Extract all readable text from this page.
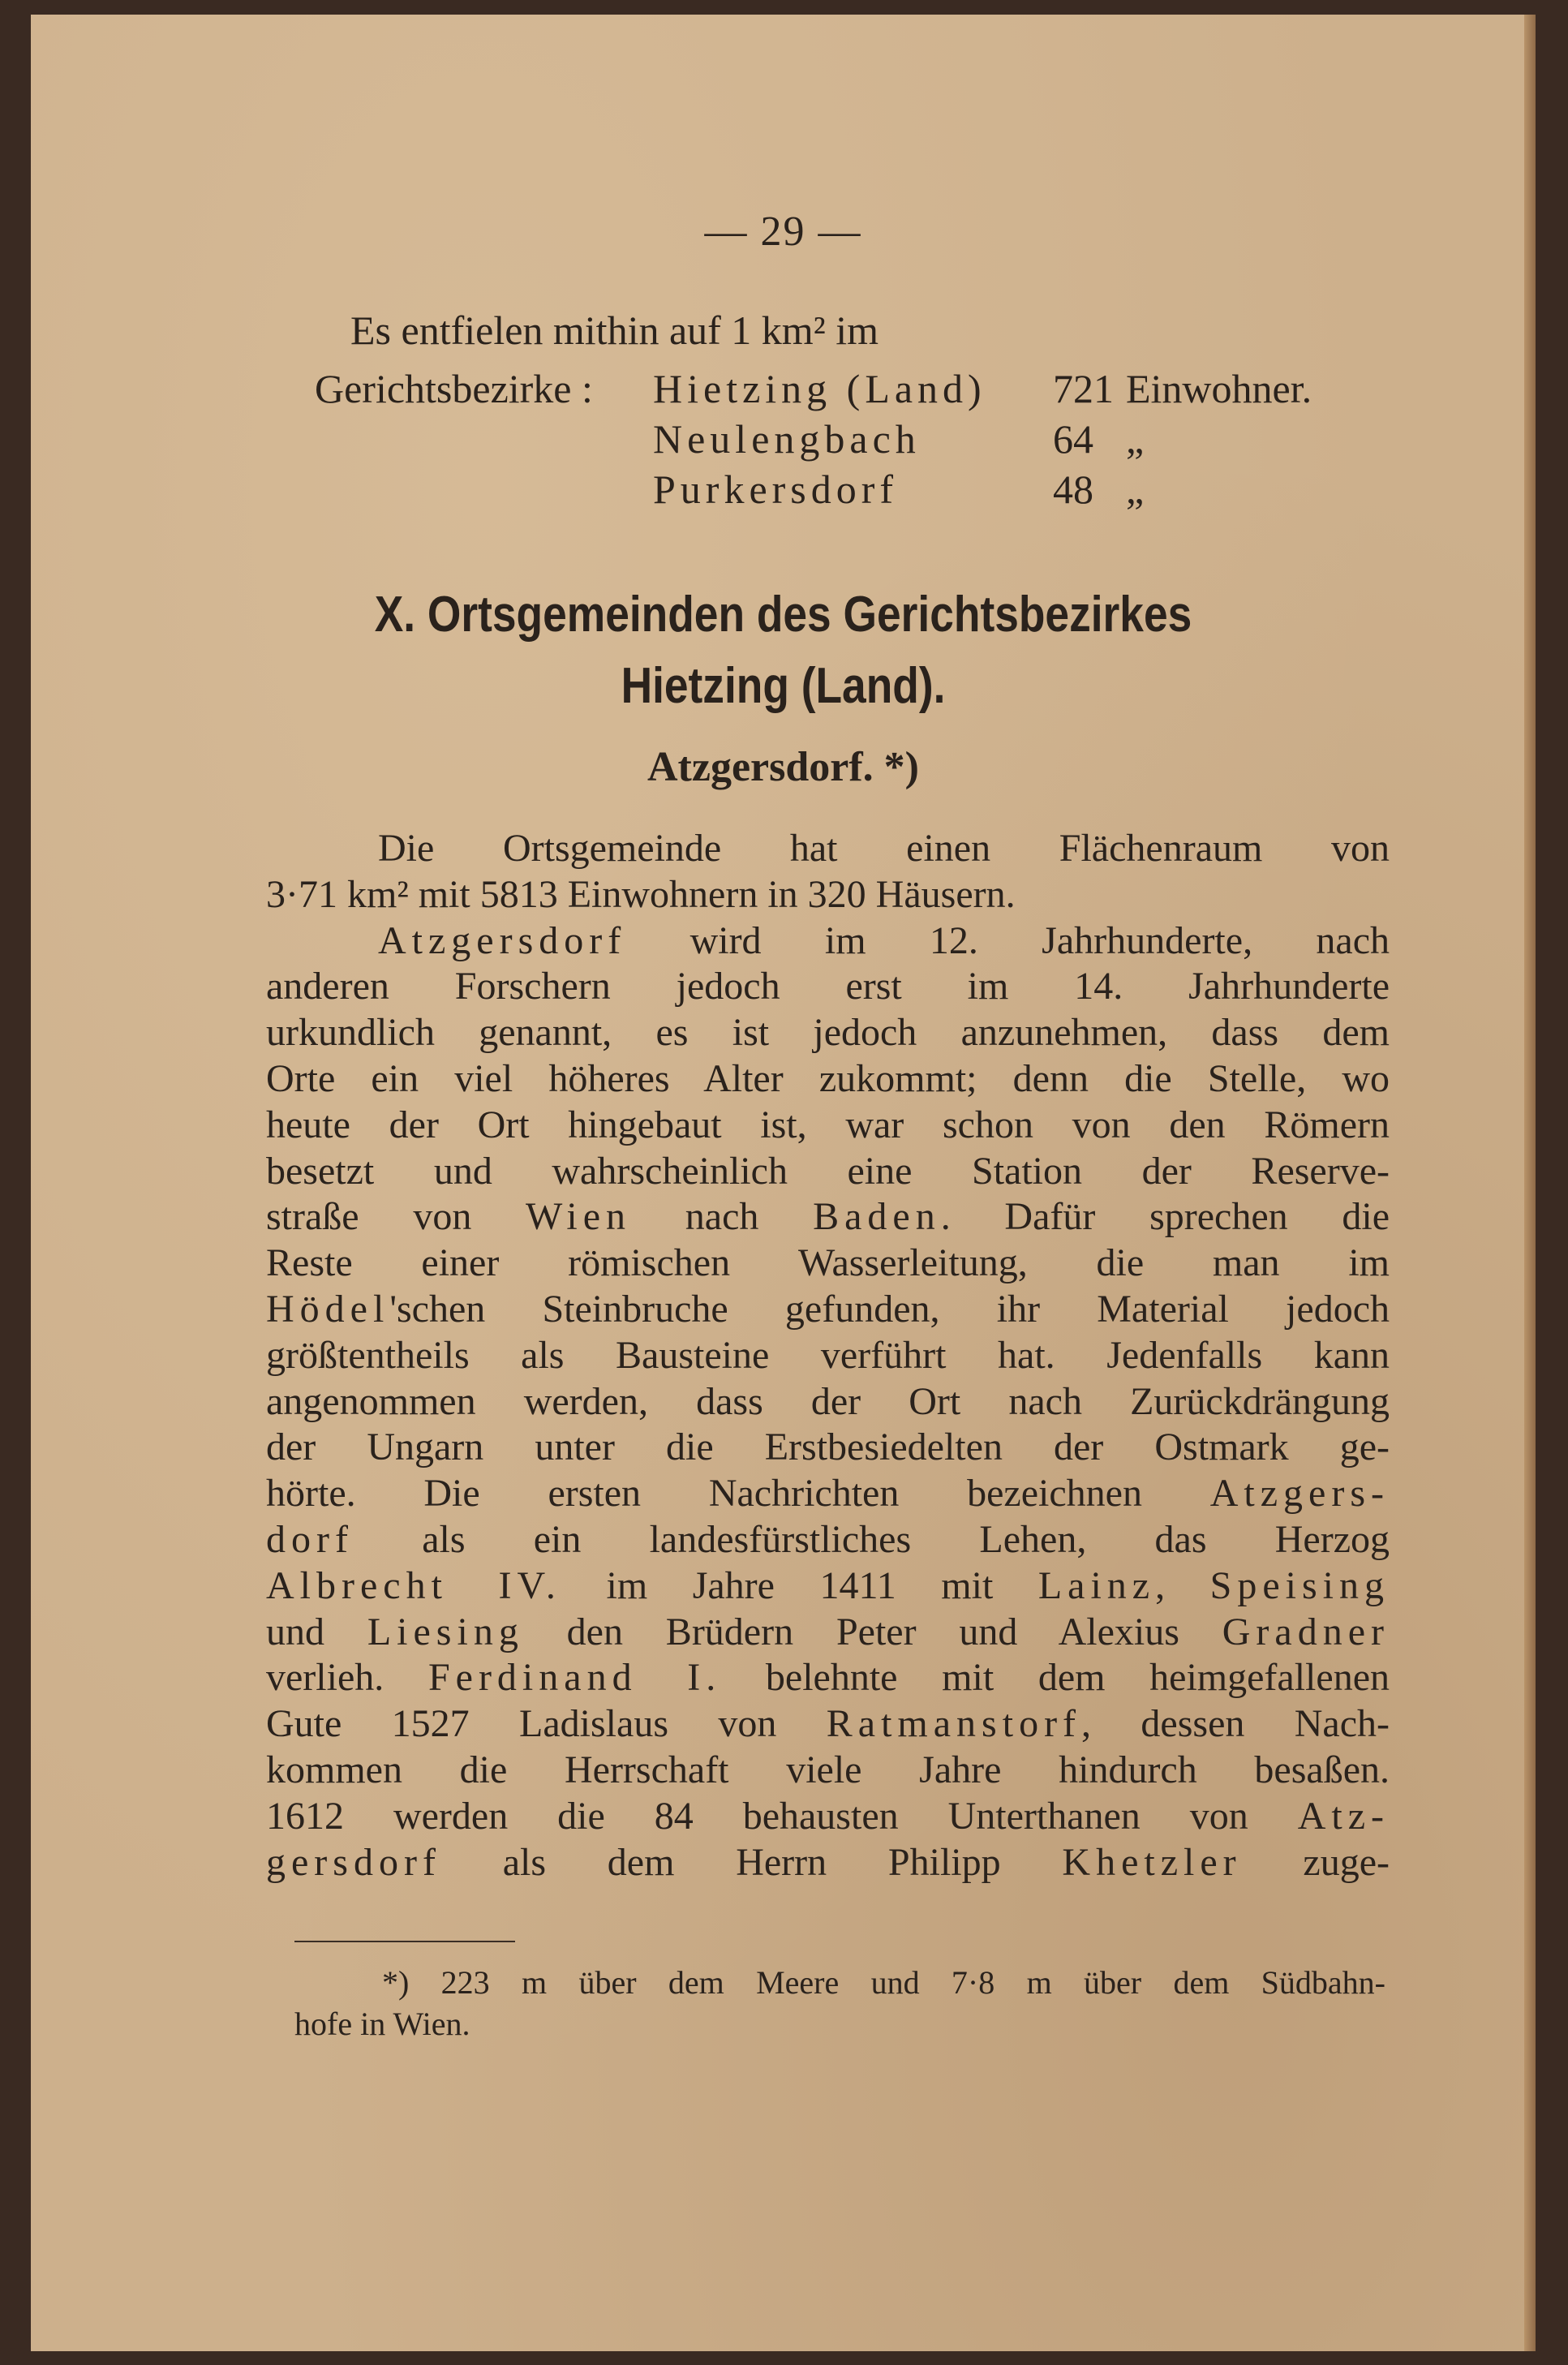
— 29 —
Es entfielen mithin auf 1 km² im
Gerichtsbezirke : Hietzing (Land) 721 Einwohner.
Neulengbach	64 „
Purkersdorf	48 „
X. Ortsgemeinden des Gerichtsbezirkes
Hietzing (Land).
Atzgersdorf. *)
Die Ortsgemeinde hat einen Flächenraum von
3·71 km² mit 5813 Einwohnern in 320 Häusern.
Atzgersdorf wird im 12. Jahrhunderte, nach
anderen Forschern jedoch erst im 14. Jahrhunderte
urkundlich genannt, es ist jedoch anzunehmen, dass dem
Orte ein viel höheres Alter zukommt; denn die Stelle, wo
heute der Ort hingebaut ist, war schon von den Römern
besetzt und wahrscheinlich eine Station der Reserve-
straße von Wien nach Baden. Dafür sprechen die
Reste einer römischen Wasserleitung, die man im
Hödel'schen Steinbruche gefunden, ihr Material jedoch
größtentheils als Bausteine verführt hat. Jedenfalls kann
angenommen werden, dass der Ort nach Zurückdrängung
der Ungarn unter die Erstbesiedelten der Ostmark ge-
hörte. Die ersten Nachrichten bezeichnen Atzgers-
dorf als ein landesfürstliches Lehen, das Herzog
Albrecht IV. im Jahre 1411 mit Lainz, Speising
und Liesing den Brüdern Peter und Alexius Gradner
verlieh. Ferdinand I. belehnte mit dem heimgefallenen
Gute 1527 Ladislaus von Ratmanstorf, dessen Nach-
kommen die Herrschaft viele Jahre hindurch besaßen.
1612 werden die 84 behausten Unterthanen von Atz-
gersdorf als dem Herrn Philipp Khetzler zuge-
*) 223 m über dem Meere und 7·8 m über dem Südbahn-
hofe in Wien.
